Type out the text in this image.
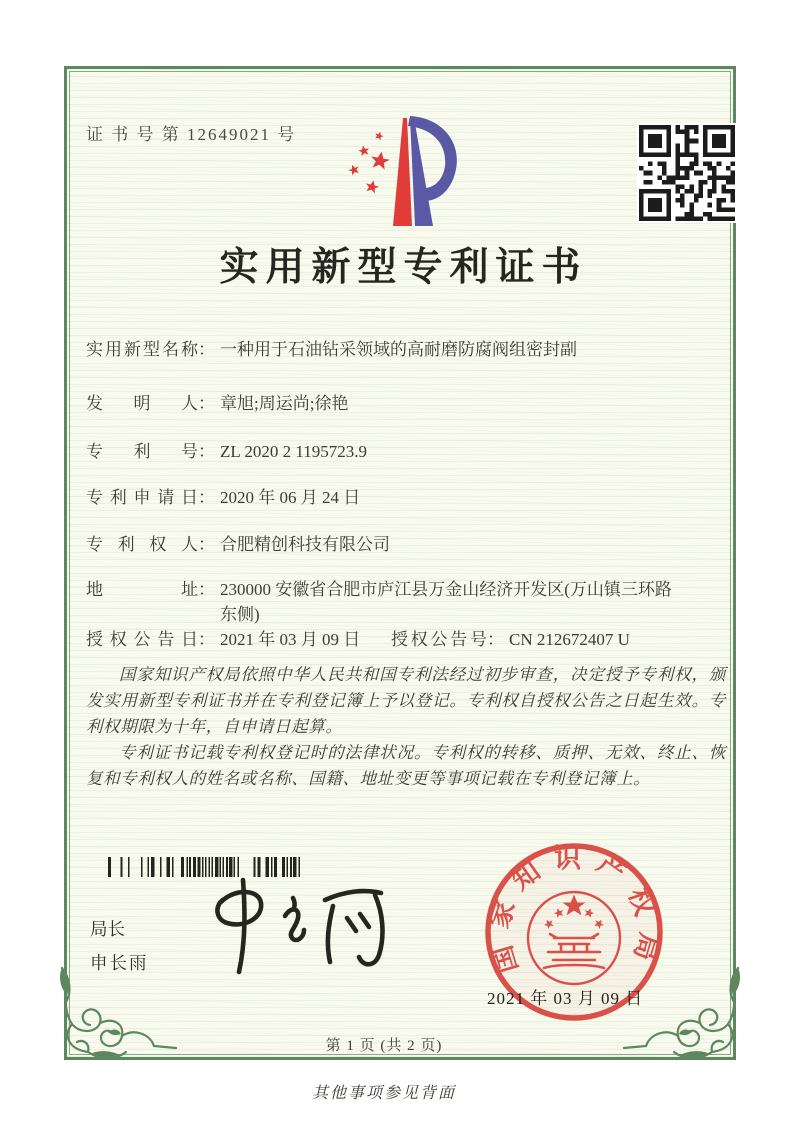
证 书 号 第 12649021 号
实用新型专利证书
实用新型名称 ： 一种用于石油钻采领域的高耐磨防腐阀组密封副
发明人 ： 章旭;周运尚;徐艳
专利号 ： ZL 2020 2 1195723.9
专利申请日 ： 2020 年 06 月 24 日
专利权人 ： 合肥精创科技有限公司
地址 ： 230000 安徽省合肥市庐江县万金山经济开发区(万山镇三环路东侧)
授权公告日 ： 2021 年 03 月 09 日 授权公告号 ： CN 212672407 U

国家知识产权局依照中华人民共和国专利法经过初步审查，决定授予专利权，颁发实用新型专利证书并在专利登记簿上予以登记。专利权自授权公告之日起生效。专利权期限为十年，自申请日起算。

专利证书记载专利权登记时的法律状况。专利权的转移、质押、无效、终止、恢复和专利权人的姓名或名称、国籍、地址变更等事项记载在专利登记簿上。

局长
申长雨	国家知识产权局
2021 年 03 月 09 日
第 1 页 (共 2 页)
其他事项参见背面
